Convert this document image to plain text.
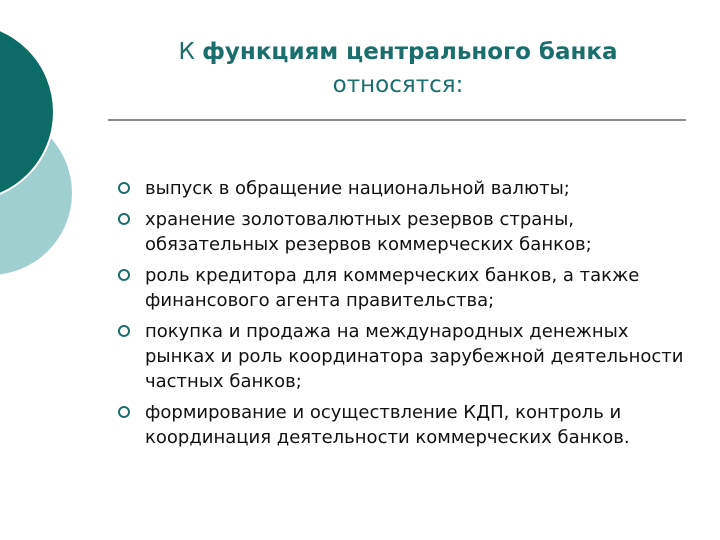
К функциям центрального банка
относятся:
выпуск в обращение национальной валюты;
хранение золотовалютных резервов страны, обязательных резервов коммерческих банков;
роль кредитора для коммерческих банков, а также финансового агента правительства;
покупка и продажа на международных денежных рынках и роль координатора зарубежной деятельности частных банков;
формирование и осуществление КДП, контроль и координация деятельности коммерческих банков.
